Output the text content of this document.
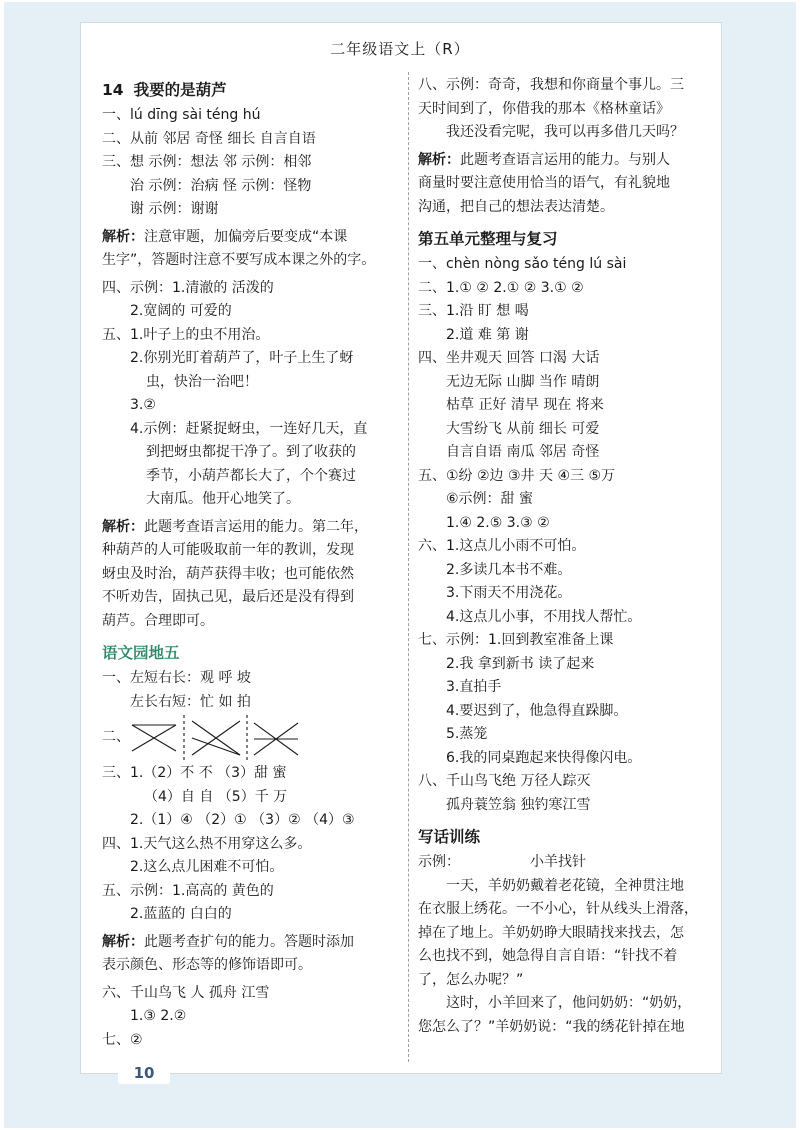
二年级语文上（R）
14 我要的是葫芦
一、lú dīng sài téng hú
二、从前 邻居 奇怪 细长 自言自语
三、想 示例：想法 邻 示例：相邻
治 示例：治病 怪 示例：怪物
谢 示例：谢谢
解析：注意审题，加偏旁后要变成“本课
生字”，答题时注意不要写成本课之外的字。
四、示例：1.清澈的 活泼的
2.宽阔的 可爱的
五、1.叶子上的虫不用治。
2.你别光盯着葫芦了，叶子上生了蚜
虫，快治一治吧！
3.②
4.示例：赶紧捉蚜虫，一连好几天，直
到把蚜虫都捉干净了。到了收获的
季节，小葫芦都长大了，个个赛过
大南瓜。他开心地笑了。
解析：此题考查语言运用的能力。第二年，
种葫芦的人可能吸取前一年的教训，发现
蚜虫及时治，葫芦获得丰收；也可能依然
不听劝告，固执己见，最后还是没有得到
葫芦。合理即可。
语文园地五
一、左短右长：观 呼 坡
左长右短：忙 如 拍
二、
三、1.（2）不 不 （3）甜 蜜
（4）自 自 （5）千 万
2.（1）④ （2）① （3）② （4）③
四、1.天气这么热不用穿这么多。
2.这么点儿困难不可怕。
五、示例：1.高高的 黄色的
2.蓝蓝的 白白的
解析：此题考查扩句的能力。答题时添加
表示颜色、形态等的修饰语即可。
六、千山鸟飞 人 孤舟 江雪
1.③ 2.②
七、②
八、示例：奇奇，我想和你商量个事儿。三
天时间到了，你借我的那本《格林童话》
我还没看完呢，我可以再多借几天吗？
解析：此题考查语言运用的能力。与别人
商量时要注意使用恰当的语气，有礼貌地
沟通，把自己的想法表达清楚。
第五单元整理与复习
一、chèn nòng sǎo téng lú sài
二、1.① ② 2.① ② 3.① ②
三、1.沿 盯 想 喝
2.道 难 第 谢
四、坐井观天 回答 口渴 大话
无边无际 山脚 当作 晴朗
枯草 正好 清早 现在 将来
大雪纷飞 从前 细长 可爱
自言自语 南瓜 邻居 奇怪
五、①纷 ②边 ③井 天 ④三 ⑤万
⑥示例：甜 蜜
1.④ 2.⑤ 3.③ ②
六、1.这点儿小雨不可怕。
2.多读几本书不难。
3.下雨天不用浇花。
4.这点儿小事，不用找人帮忙。
七、示例：1.回到教室准备上课
2.我 拿到新书 读了起来
3.直拍手
4.要迟到了，他急得直跺脚。
5.蒸笼
6.我的同桌跑起来快得像闪电。
八、千山鸟飞绝 万径人踪灭
孤舟蓑笠翁 独钓寒江雪
写话训练
示例：	小羊找针
一天，羊奶奶戴着老花镜，全神贯注地
在衣服上绣花。一不小心，针从线头上滑落，
掉在了地上。羊奶奶睁大眼睛找来找去，怎
么也找不到，她急得自言自语：“针找不着
了，怎么办呢？”
这时，小羊回来了，他问奶奶：“奶奶，
您怎么了？”羊奶奶说：“我的绣花针掉在地
10
